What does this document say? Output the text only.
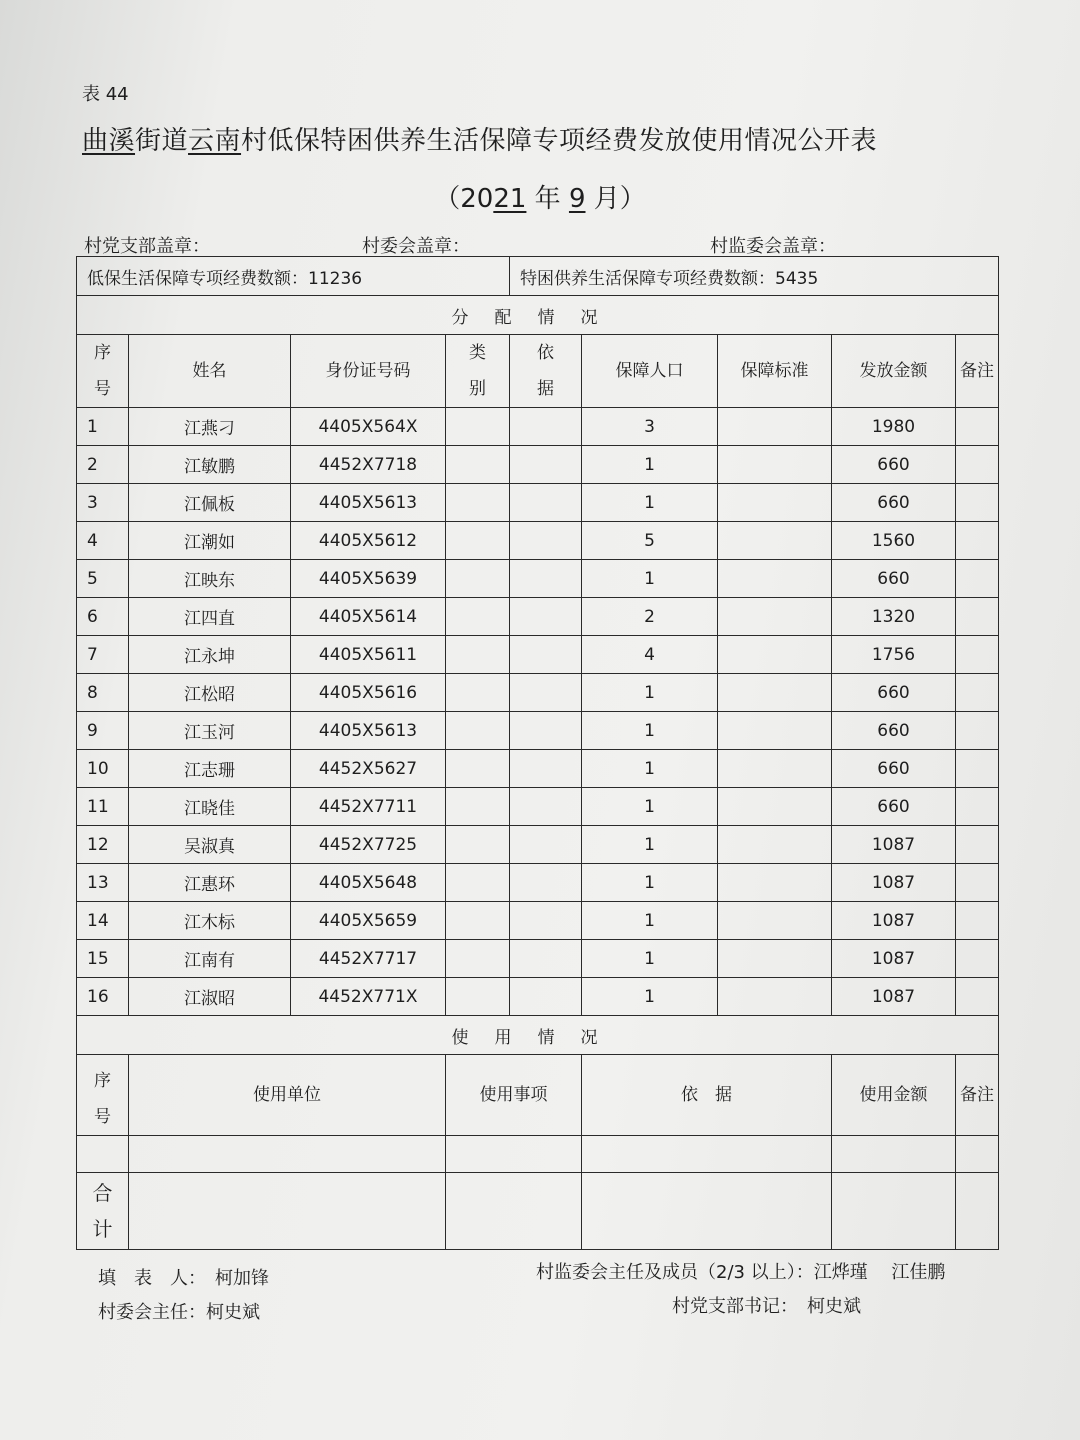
表 44
曲溪街道云南村低保特困供养生活保障专项经费发放使用情况公开表
（2021 年 9 月）
村党支部盖章：	村委会盖章：	村监委会盖章：
低保生活保障专项经费数额：11236				特困供养生活保障专项经费数额：5435				
分配情况								
序号	姓名	身份证号码	类别	依据	保障人口	保障标准	发放金额	备注
1	江燕刁	4405X564X			3		1980	
2	江敏鹏	4452X7718			1		660	
3	江佩板	4405X5613			1		660	
4	江潮如	4405X5612			5		1560	
5	江映东	4405X5639			1		660	
6	江四直	4405X5614			2		1320	
7	江永坤	4405X5611			4		1756	
8	江松昭	4405X5616			1		660	
9	江玉河	4405X5613			1		660	
10	江志珊	4452X5627			1		660	
11	江晓佳	4452X7711			1		660	
12	吴淑真	4452X7725			1		1087	
13	江惠环	4405X5648			1		1087	
14	江木标	4405X5659			1		1087	
15	江南有	4452X7717			1		1087	
16	江淑昭	4452X771X			1		1087	
使用情况								
序号	使用单位		使用事项		依　据		使用金额	备注

合计								
填　表　人：　柯加锋	村监委会主任及成员（2/3 以上）：江烨瑾　 江佳鹏
村委会主任：柯史斌	村党支部书记：　柯史斌
